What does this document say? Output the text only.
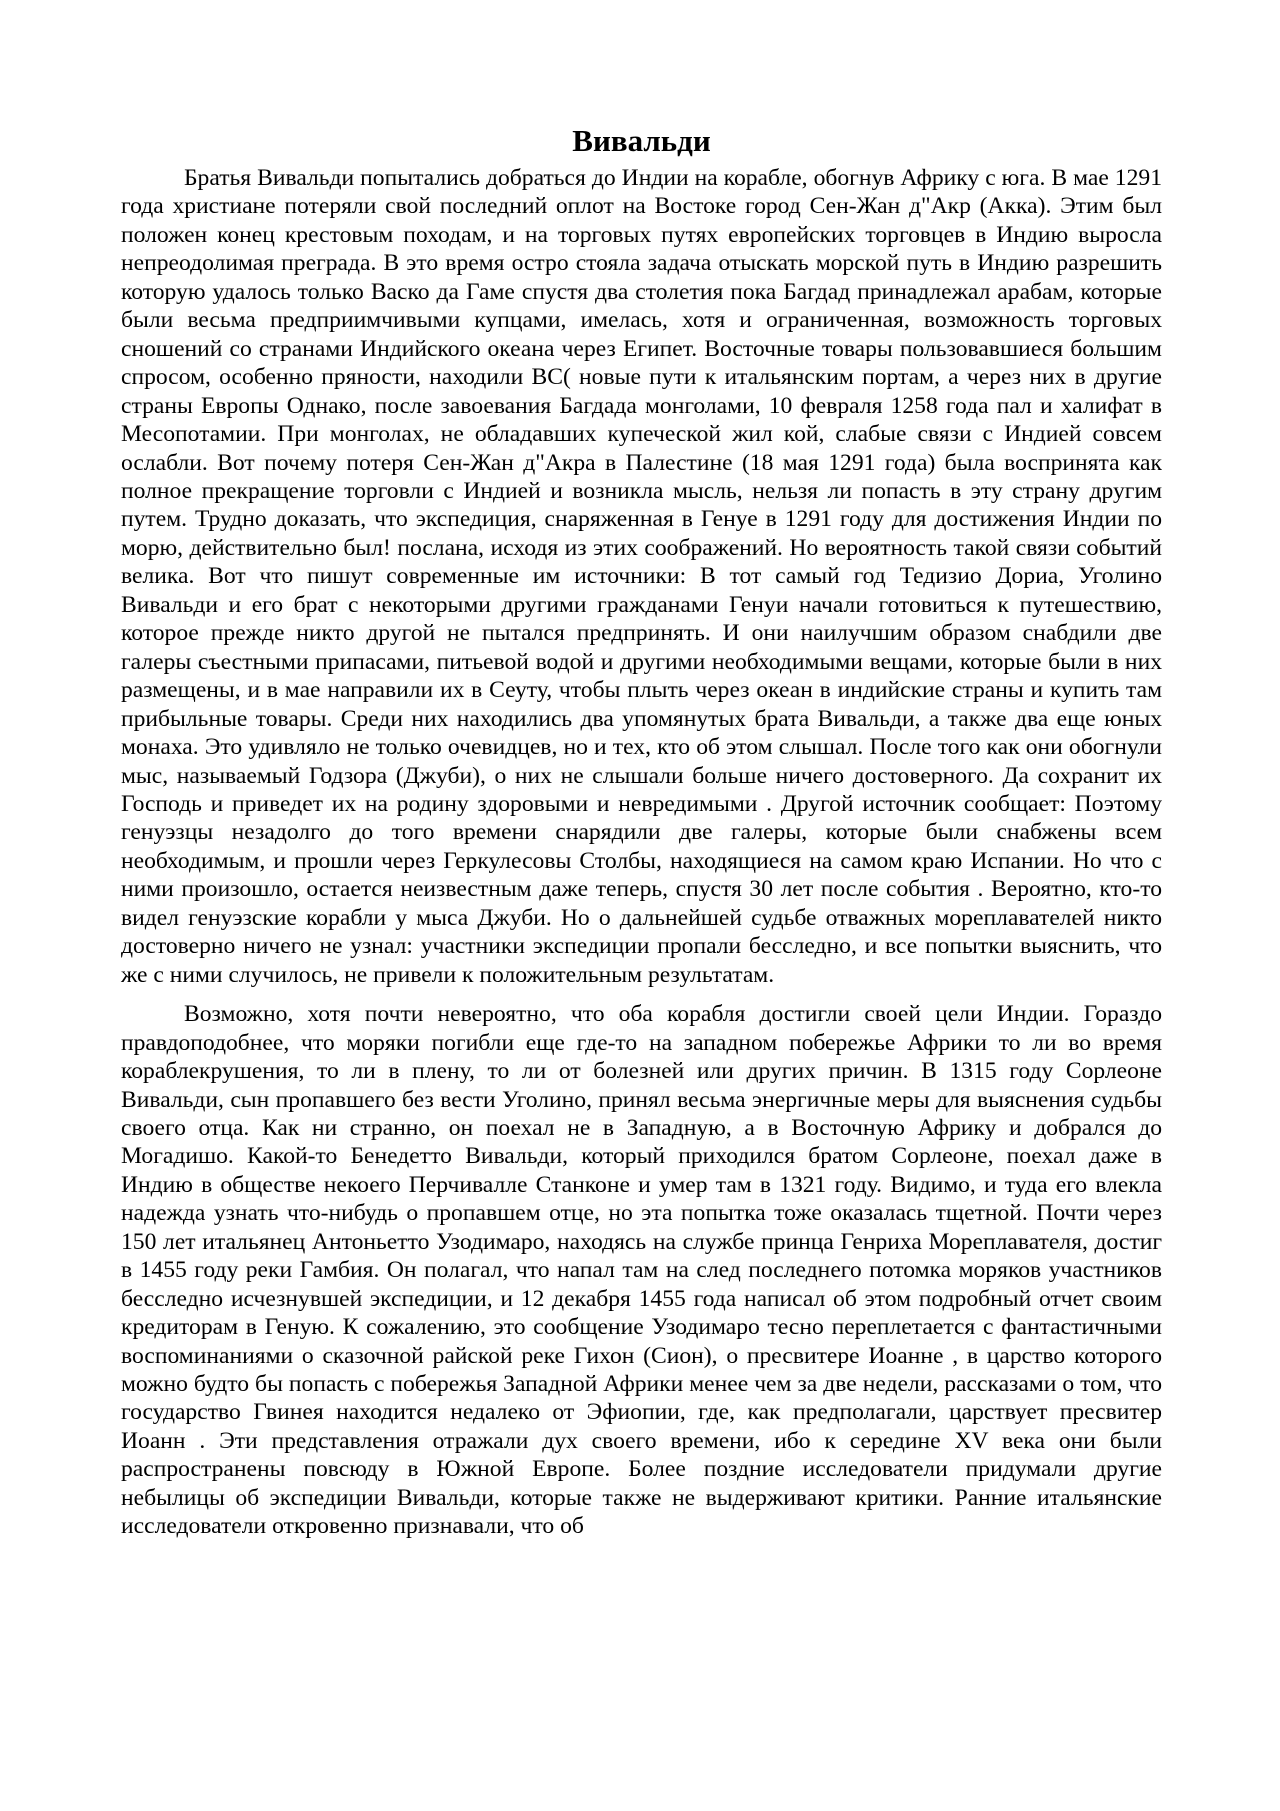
Вивальди

Братья Вивальди попытались добраться до Индии на корабле, обогнув Африку с юга. В мае 1291 года христиане потеряли свой последний оплот на Востоке город Сен-Жан д"Акр (Акка). Этим был положен конец крестовым походам, и на торговых путях европейских торговцев в Индию выросла непреодолимая преграда. В это время остро стояла задача отыскать морской путь в Индию разрешить которую удалось только Васко да Гаме спустя два столетия пока Багдад принадлежал арабам, которые были весьма предприимчивыми купцами, имелась, хотя и ограниченная, возможность торговых сношений со странами Индийского океана через Египет. Восточные товары пользовавшиеся большим спросом, особенно пряности, находили ВС( новые пути к итальянским портам, а через них в другие страны Европы Однако, после завоевания Багдада монголами, 10 февраля 1258 года пал и халифат в Месопотамии. При монголах, не обладавших купеческой жил кой, слабые связи с Индией совсем ослабли. Вот почему потеря Сен-Жан д"Акра в Палестине (18 мая 1291 года) была воспринята как полное прекращение торговли с Индией и возникла мысль, нельзя ли попасть в эту страну другим путем. Трудно доказать, что экспедиция, снаряженная в Генуе в 1291 году для достижения Индии по морю, действительно был! послана, исходя из этих соображений. Но вероятность такой связи событий велика. Вот что пишут современные им источники: В тот самый год Тедизио Дориа, Уголино Вивальди и его брат с некоторыми другими гражданами Генуи начали готовиться к путешествию, которое прежде никто другой не пытался предпринять. И они наилучшим образом снабдили две галеры съестными припасами, питьевой водой и другими необходимыми вещами, которые были в них размещены, и в мае направили их в Сеуту, чтобы плыть через океан в индийские страны и купить там прибыльные товары. Среди них находились два упомянутых брата Вивальди, а также два еще юных монаха. Это удивляло не только очевидцев, но и тех, кто об этом слышал. После того как они обогнули мыс, называемый Годзора (Джуби), о них не слышали больше ничего достоверного. Да сохранит их Господь и приведет их на родину здоровыми и невредимыми . Другой источник сообщает: Поэтому генуэзцы незадолго до того времени снарядили две галеры, которые были снабжены всем необходимым, и прошли через Геркулесовы Столбы, находящиеся на самом краю Испании. Но что с ними произошло, остается неизвестным даже теперь, спустя 30 лет после события . Вероятно, кто-то видел генуэзские корабли у мыса Джуби. Но о дальнейшей судьбе отважных мореплавателей никто достоверно ничего не узнал: участники экспедиции пропали бесследно, и все попытки выяснить, что же с ними случилось, не привели к положительным результатам.

Возможно, хотя почти невероятно, что оба корабля достигли своей цели Индии. Гораздо правдоподобнее, что моряки погибли еще где-то на западном побережье Африки то ли во время кораблекрушения, то ли в плену, то ли от болезней или других причин. В 1315 году Сорлеоне Вивальди, сын пропавшего без вести Уголино, принял весьма энергичные меры для выяснения судьбы своего отца. Как ни странно, он поехал не в Западную, а в Восточную Африку и добрался до Могадишо. Какой-то Бенедетто Вивальди, который приходился братом Сорлеоне, поехал даже в Индию в обществе некоего Перчивалле Станконе и умер там в 1321 году. Видимо, и туда его влекла надежда узнать что-нибудь о пропавшем отце, но эта попытка тоже оказалась тщетной. Почти через 150 лет итальянец Антоньетто Узодимаро, находясь на службе принца Генриха Мореплавателя, достиг в 1455 году реки Гамбия. Он полагал, что напал там на след последнего потомка моряков участников бесследно исчезнувшей экспедиции, и 12 декабря 1455 года написал об этом подробный отчет своим кредиторам в Геную. К сожалению, это сообщение Узодимаро тесно переплетается с фантастичными воспоминаниями о сказочной райской реке Гихон (Сион), о пресвитере Иоанне , в царство которого можно будто бы попасть с побережья Западной Африки менее чем за две недели, рассказами о том, что государство Гвинея находится недалеко от Эфиопии, где, как предполагали, царствует пресвитер Иоанн . Эти представления отражали дух своего времени, ибо к середине XV века они были распространены повсюду в Южной Европе. Более поздние исследователи придумали другие небылицы об экспедиции Вивальди, которые также не выдерживают критики. Ранние итальянские исследователи откровенно признавали, что об
